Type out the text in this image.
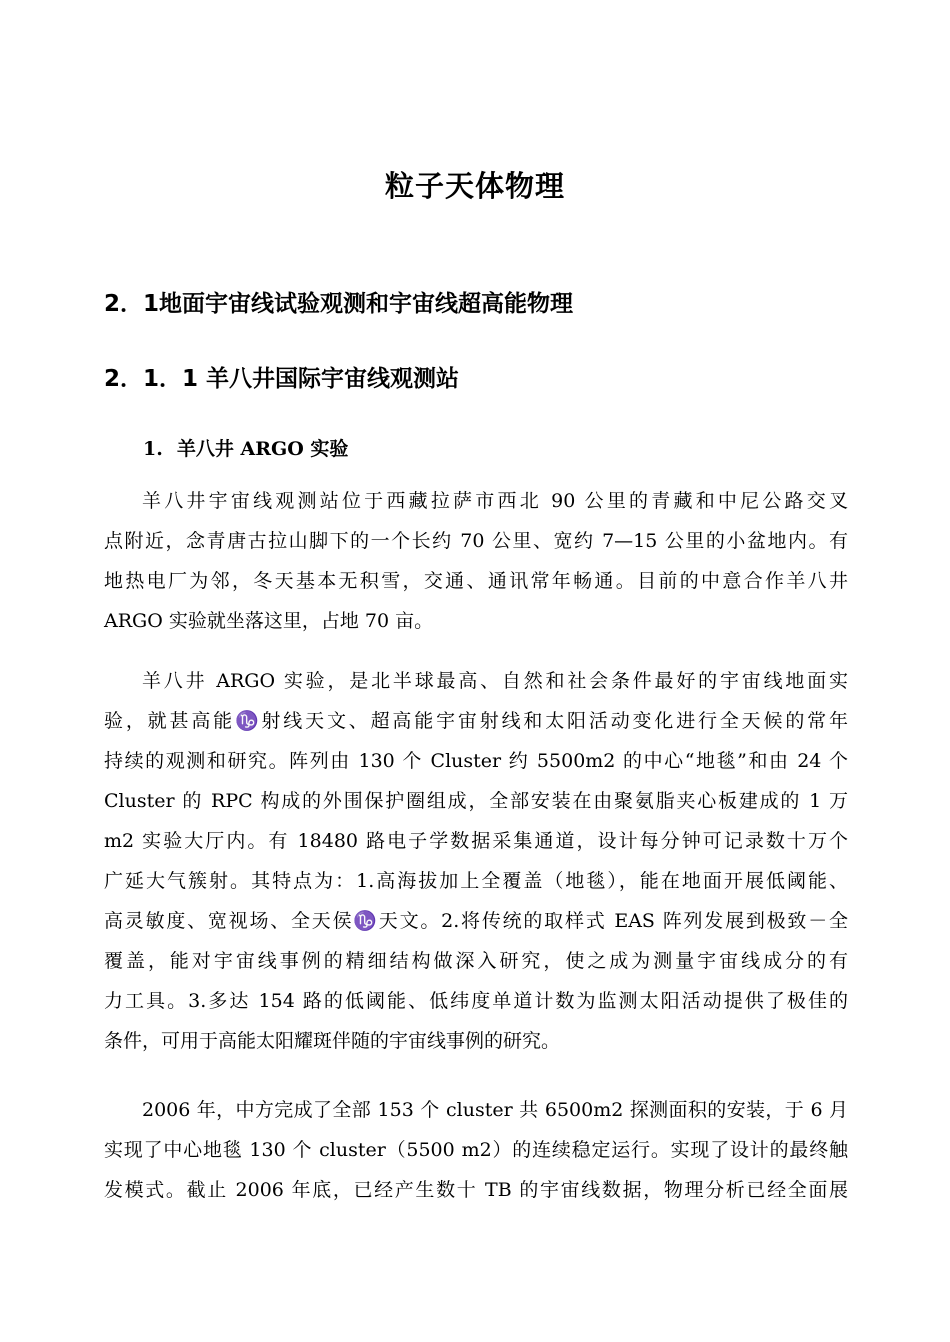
粒子天体物理
2．1地面宇宙线试验观测和宇宙线超高能物理
2．1．1 羊八井国际宇宙线观测站
1. 羊八井 ARGO 实验
羊八井宇宙线观测站位于西藏拉萨市西北 90 公里的青藏和中尼公路交叉
点附近，念青唐古拉山脚下的一个长约 70 公里、宽约 7—15 公里的小盆地内。有
地热电厂为邻，冬天基本无积雪，交通、通讯常年畅通。目前的中意合作羊八井
ARGO 实验就坐落这里，占地 70 亩。
羊八井 ARGO 实验，是北半球最高、自然和社会条件最好的宇宙线地面实
验，就甚高能♑射线天文、超高能宇宙射线和太阳活动变化进行全天候的常年
持续的观测和研究。阵列由 130 个 Cluster 约 5500m2 的中心“地毯”和由 24 个
Cluster 的 RPC 构成的外围保护圈组成，全部安装在由聚氨脂夹心板建成的 1 万
m2 实验大厅内。有 18480 路电子学数据采集通道，设计每分钟可记录数十万个
广延大气簇射。其特点为：1.高海拔加上全覆盖（地毯），能在地面开展低阈能、
高灵敏度、宽视场、全天侯♑天文。2.将传统的取样式 EAS 阵列发展到极致－全
覆盖，能对宇宙线事例的精细结构做深入研究，使之成为测量宇宙线成分的有
力工具。3.多达 154 路的低阈能、低纬度单道计数为监测太阳活动提供了极佳的
条件，可用于高能太阳耀斑伴随的宇宙线事例的研究。
2006 年，中方完成了全部 153 个 cluster 共 6500m2 探测面积的安装，于 6 月
实现了中心地毯 130 个 cluster（5500 m2）的连续稳定运行。实现了设计的最终触
发模式。截止 2006 年底，已经产生数十 TB 的宇宙线数据，物理分析已经全面展
